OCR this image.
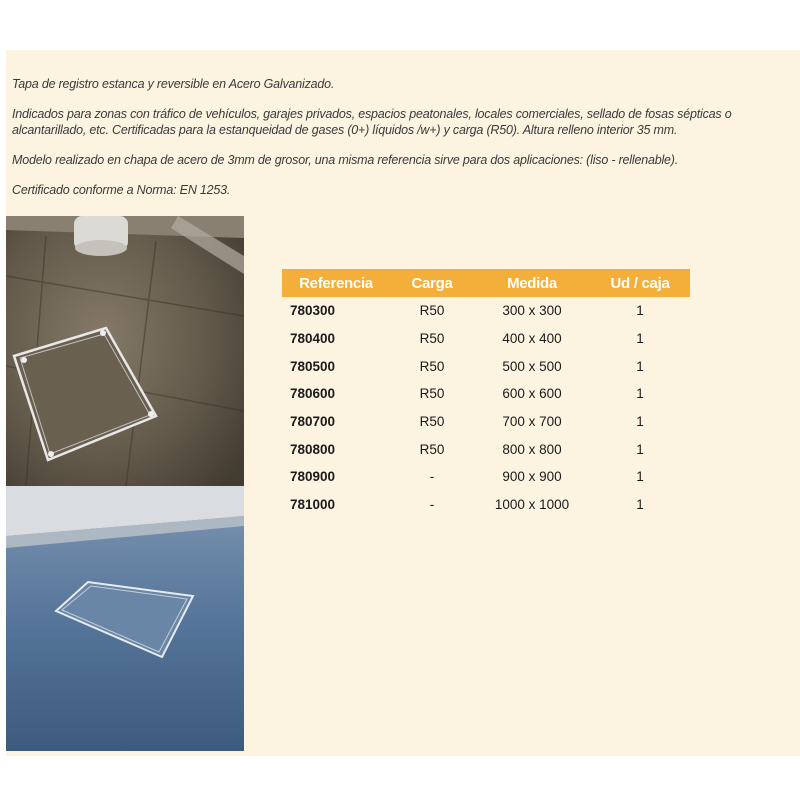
Tapa de registro estanca y reversible en Acero Galvanizado.

Indicados para zonas con tráfico de vehículos, garajes privados, espacios peatonales, locales comerciales, sellado de fosas sépticas o alcantarillado, etc. Certificadas para la estanqueidad de gases (0+) líquidos /w+) y carga (R50). Altura relleno interior 35 mm.

Modelo realizado en chapa de acero de 3mm de grosor, una misma referencia sirve para dos aplicaciones: (liso - rellenable).

Certificado conforme a Norma: EN 1253.

Referencia	Carga	Medida	Ud / caja
780300	R50	300 x 300	1
780400	R50	400 x 400	1
780500	R50	500 x 500	1
780600	R50	600 x 600	1
780700	R50	700 x 700	1
780800	R50	800 x 800	1
780900	-	900 x 900	1
781000	-	1000 x 1000	1
